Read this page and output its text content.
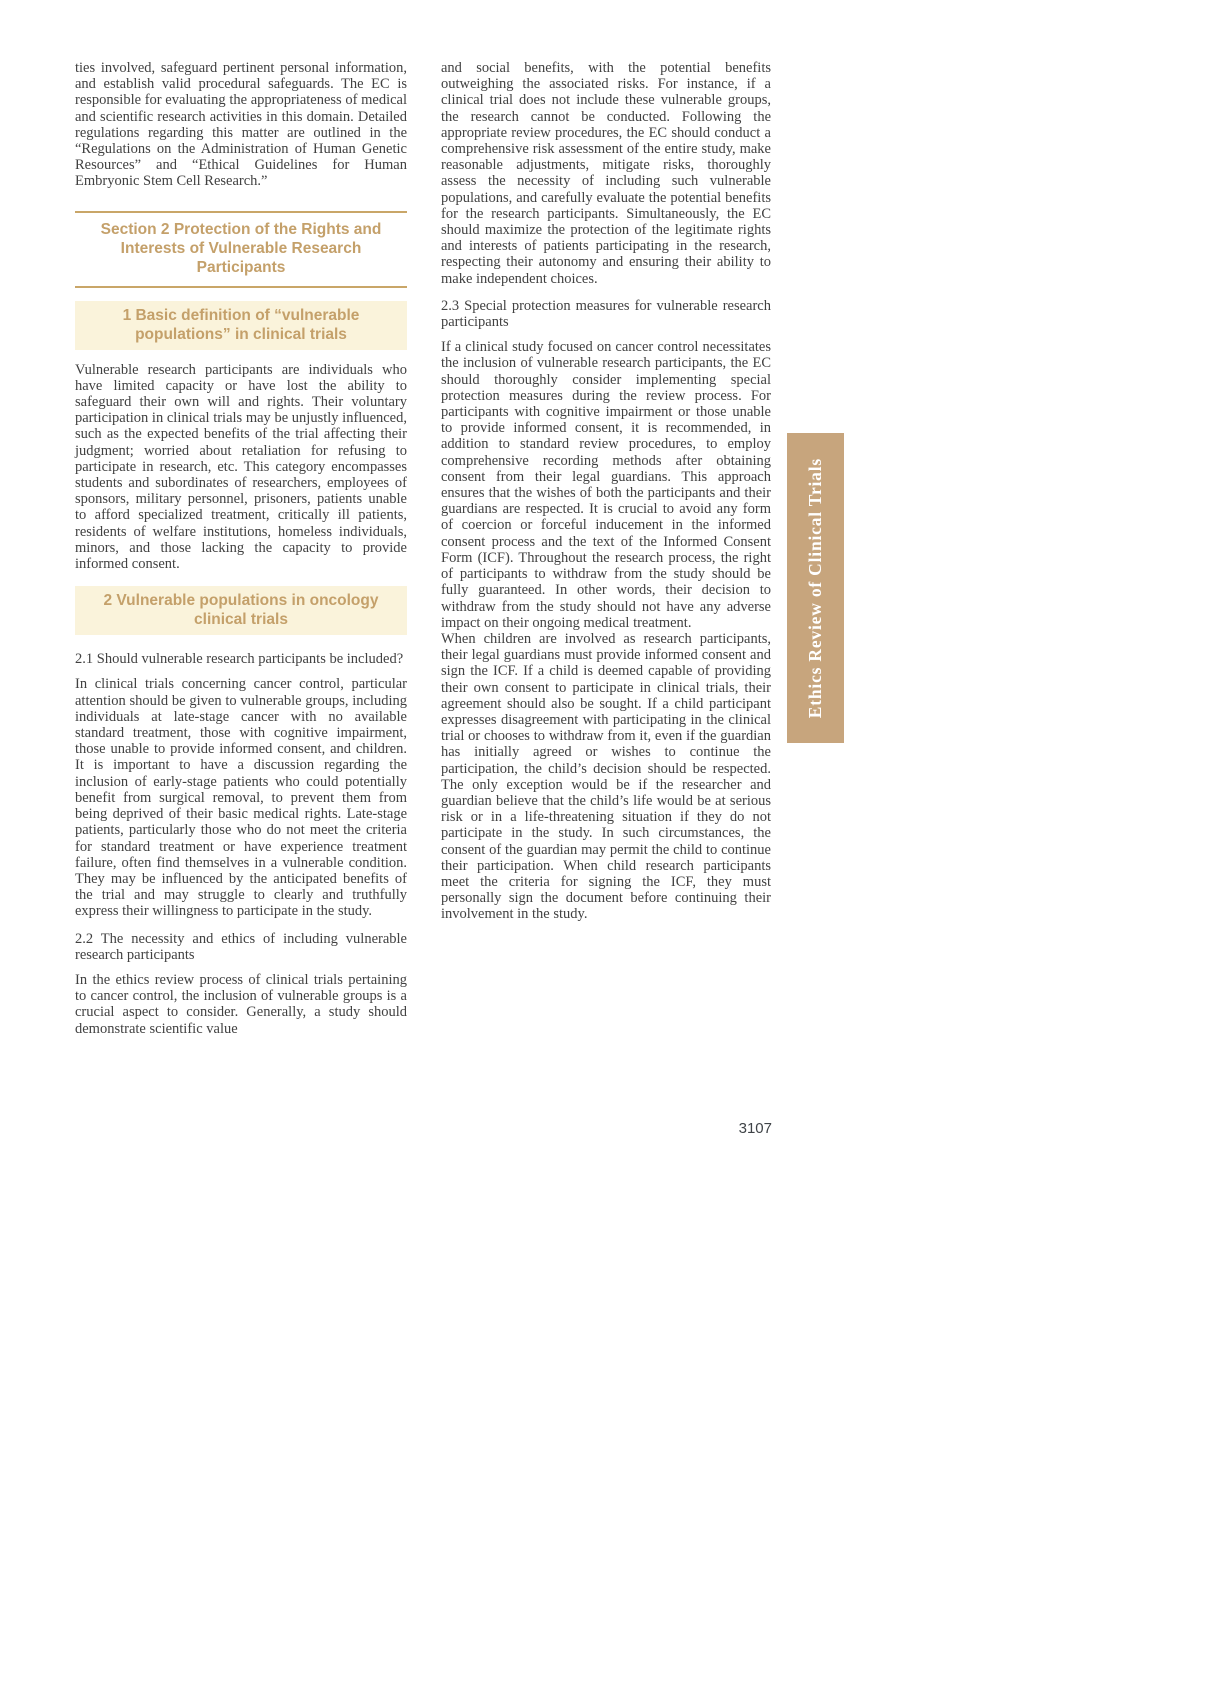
ties involved, safeguard pertinent personal information, and establish valid procedural safeguards. The EC is responsible for evaluating the appropriateness of medical and scientific research activities in this domain. Detailed regulations regarding this matter are outlined in the “Regulations on the Administration of Human Genetic Resources” and “Ethical Guidelines for Human Embryonic Stem Cell Research.”

Section 2 Protection of the Rights and Interests of Vulnerable Research Participants
1 Basic definition of “vulnerable populations” in clinical trials

Vulnerable research participants are individuals who have limited capacity or have lost the ability to safeguard their own will and rights. Their voluntary participation in clinical trials may be unjustly influenced, such as the expected benefits of the trial affecting their judgment; worried about retaliation for refusing to participate in research, etc. This category encompasses students and subordinates of researchers, employees of sponsors, military personnel, prisoners, patients unable to afford specialized treatment, critically ill patients, residents of welfare institutions, homeless individuals, minors, and those lacking the capacity to provide informed consent.

2 Vulnerable populations in oncology clinical trials

2.1 Should vulnerable research participants be included?

In clinical trials concerning cancer control, particular attention should be given to vulnerable groups, including individuals at late-stage cancer with no available standard treatment, those with cognitive impairment, those unable to provide informed consent, and children. It is important to have a discussion regarding the inclusion of early-stage patients who could potentially benefit from surgical removal, to prevent them from being deprived of their basic medical rights. Late-stage patients, particularly those who do not meet the criteria for standard treatment or have experience treatment failure, often find themselves in a vulnerable condition. They may be influenced by the anticipated benefits of the trial and may struggle to clearly and truthfully express their willingness to participate in the study.

2.2 The necessity and ethics of including vulnerable research participants

In the ethics review process of clinical trials pertaining to cancer control, the inclusion of vulnerable groups is a crucial aspect to consider. Generally, a study should demonstrate scientific value

and social benefits, with the potential benefits outweighing the associated risks. For instance, if a clinical trial does not include these vulnerable groups, the research cannot be conducted. Following the appropriate review procedures, the EC should conduct a comprehensive risk assessment of the entire study, make reasonable adjustments, mitigate risks, thoroughly assess the necessity of including such vulnerable populations, and carefully evaluate the potential benefits for the research participants. Simultaneously, the EC should maximize the protection of the legitimate rights and interests of patients participating in the research, respecting their autonomy and ensuring their ability to make independent choices.

2.3 Special protection measures for vulnerable research participants

If a clinical study focused on cancer control necessitates the inclusion of vulnerable research participants, the EC should thoroughly consider implementing special protection measures during the review process. For participants with cognitive impairment or those unable to provide informed consent, it is recommended, in addition to standard review procedures, to employ comprehensive recording methods after obtaining consent from their legal guardians. This approach ensures that the wishes of both the participants and their guardians are respected. It is crucial to avoid any form of coercion or forceful inducement in the informed consent process and the text of the Informed Consent Form (ICF). Throughout the research process, the right of participants to withdraw from the study should be fully guaranteed. In other words, their decision to withdraw from the study should not have any adverse impact on their ongoing medical treatment.

When children are involved as research participants, their legal guardians must provide informed consent and sign the ICF. If a child is deemed capable of providing their own consent to participate in clinical trials, their agreement should also be sought. If a child participant expresses disagreement with participating in the clinical trial or chooses to withdraw from it, even if the guardian has initially agreed or wishes to continue the participation, the child’s decision should be respected. The only exception would be if the researcher and guardian believe that the child’s life would be at serious risk or in a life-threatening situation if they do not participate in the study. In such circumstances, the consent of the guardian may permit the child to continue their participation. When child research participants meet the criteria for signing the ICF, they must personally sign the document before continuing their involvement in the study.

Ethics Review of Clinical Trials
3107
